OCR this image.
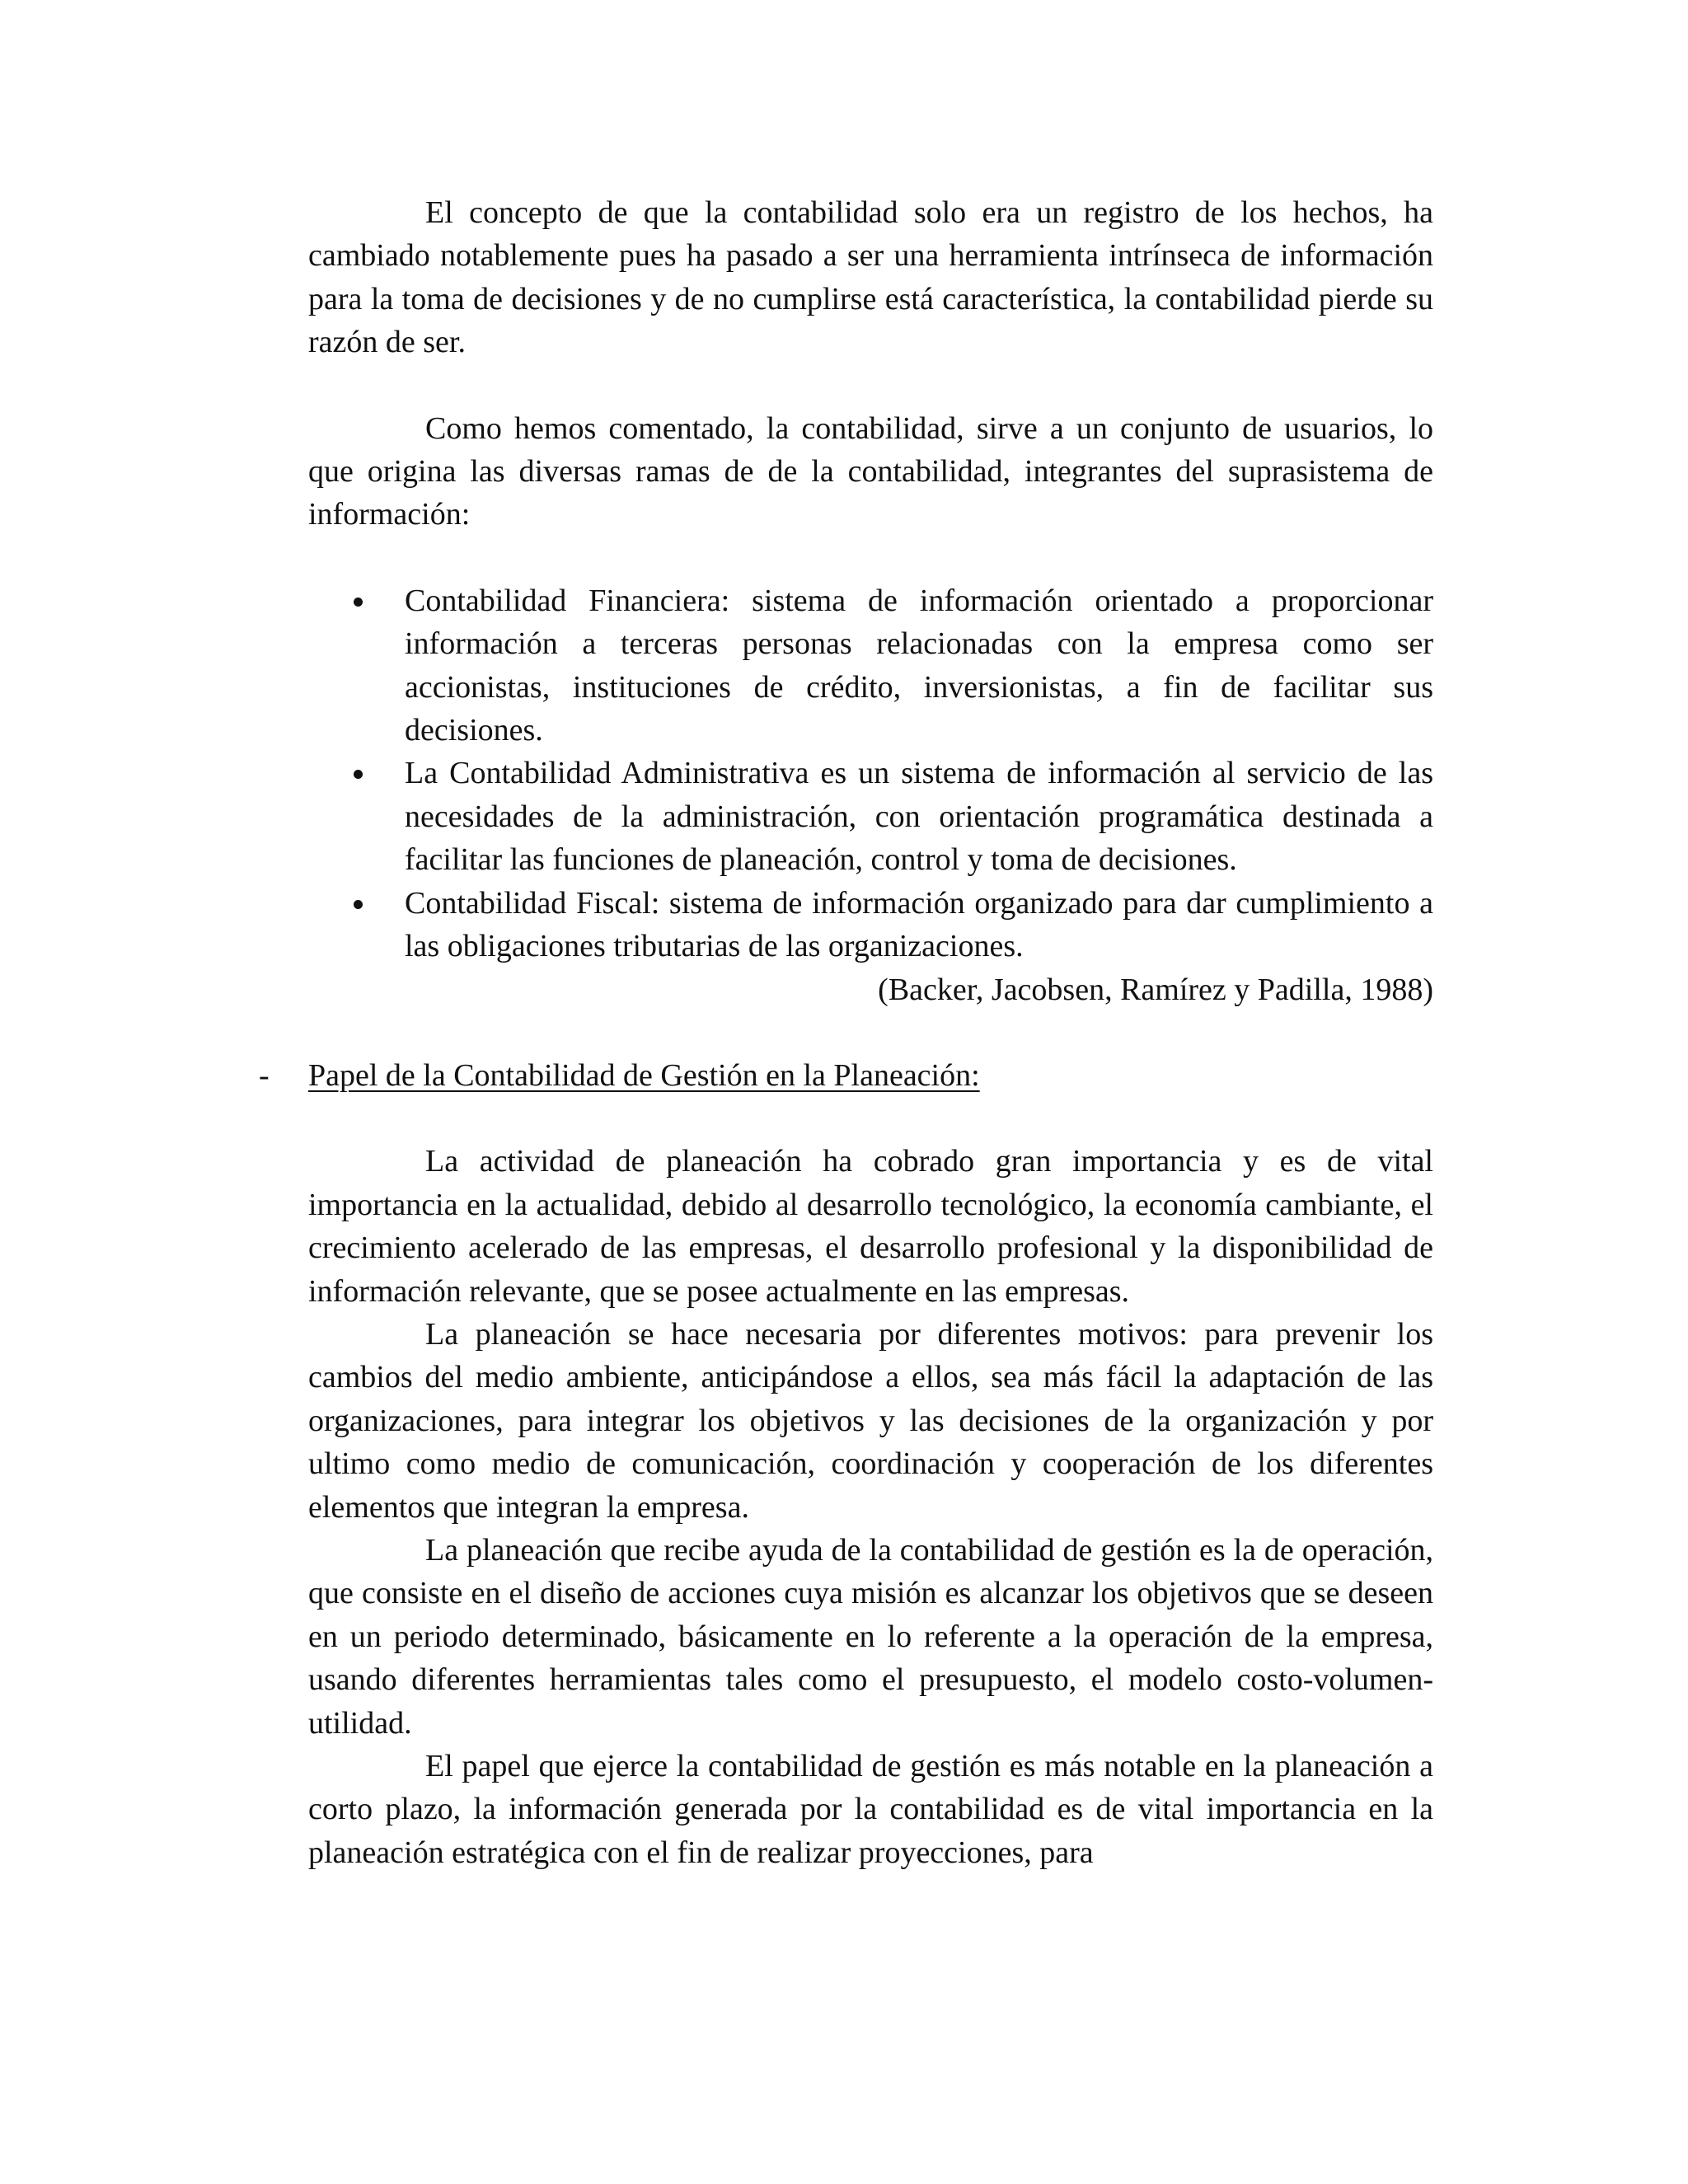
El concepto de que la contabilidad solo era un registro de los hechos, ha cambiado notablemente pues ha pasado a ser una herramienta intrínseca de información para la toma de decisiones y de no cumplirse está característica, la contabilidad pierde su razón de ser.

Como hemos comentado, la contabilidad, sirve a un conjunto de usuarios, lo que origina las diversas ramas de de la contabilidad, integrantes del suprasistema de información:

Contabilidad Financiera: sistema de información orientado a proporcionar información a terceras personas relacionadas con la empresa como ser accionistas, instituciones de crédito, inversionistas, a fin de facilitar sus decisiones.
La Contabilidad Administrativa es un sistema de información al servicio de las necesidades de la administración, con orientación programática destinada a facilitar las funciones de planeación, control y toma de decisiones.
Contabilidad Fiscal: sistema de información organizado para dar cumplimiento a las obligaciones tributarias de las organizaciones.
(Backer, Jacobsen, Ramírez y Padilla, 1988)
- Papel de la Contabilidad de Gestión en la Planeación:

La actividad de planeación ha cobrado gran importancia y es de vital importancia en la actualidad, debido al desarrollo tecnológico, la economía cambiante, el crecimiento acelerado de las empresas, el desarrollo profesional y la disponibilidad de información relevante, que se posee actualmente en las empresas.

La planeación se hace necesaria por diferentes motivos: para prevenir los cambios del medio ambiente, anticipándose a ellos, sea más fácil la adaptación de las organizaciones, para integrar los objetivos y las decisiones de la organización y por ultimo como medio de comunicación, coordinación y cooperación de los diferentes elementos que integran la empresa.

La planeación que recibe ayuda de la contabilidad de gestión es la de operación, que consiste en el diseño de acciones cuya misión es alcanzar los objetivos que se deseen en un periodo determinado, básicamente en lo referente a la operación de la empresa, usando diferentes herramientas tales como el presupuesto, el modelo costo-volumen-utilidad.

El papel que ejerce la contabilidad de gestión es más notable en la planeación a corto plazo, la información generada por la contabilidad es de vital importancia en la planeación estratégica con el fin de realizar proyecciones, para
